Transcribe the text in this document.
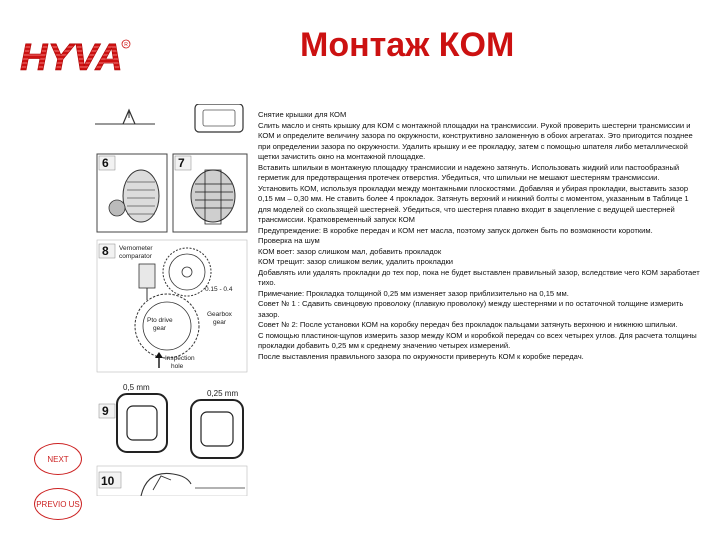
HYVA R	Монтаж КОМ
6	7
8 Vernometer
comparator
Pto drive
gear
0.15 - 0.4
Gearbox
gear
Inspection
hole
0,5 mm
0,25 mm
9
10

Снятие крышки для КОМ

Слить масло и снять крышку для КОМ с монтажной площадки на трансмиссии. Рукой проверить шестерни трансмиссии и КОМ и определите величину зазора по окружности, конструктивно заложенную в обоих агрегатах. Это пригодится позднее при определении зазора по окружности. Удалить крышку и ее прокладку, затем с помощью шпателя либо металлической щетки зачистить окно на монтажной площадке.

Вставить шпильки в монтажную площадку трансмиссии и надежно затянуть. Использовать жидкий или пастообразный герметик для предотвращения протечек отверстия. Убедиться, что шпильки не мешают шестерням трансмиссии.

Установить КОМ, используя прокладки между монтажными плоскостями. Добавляя и убирая прокладки, выставить зазор 0,15 мм – 0,30 мм. Не ставить более 4 прокладок. Затянуть верхний и нижний болты с моментом, указанным в Таблице 1 для моделей со скользящей шестерней. Убедиться, что шестерня плавно входит в зацепление с ведущей шестерней трансмиссии. Кратковременный запуск КОМ

Предупреждение: В коробке передач и КОМ нет масла, поэтому запуск должен быть по возможности коротким.

Проверка на шум

КОМ воет: зазор слишком мал, добавить прокладок

КОМ трещит: зазор слишком велик, удалить прокладки

Добавлять или удалять прокладки до тех пор, пока не будет выставлен правильный зазор, вследствие чего КОМ заработает тихо.

Примечание: Прокладка толщиной 0,25 мм изменяет зазор приблизительно на 0,15 мм.

Совет № 1 : Сдавить свинцовую проволоку (плавкую проволоку) между шестернями и по остаточной толщине измерить зазор.

Совет № 2: После установки КОМ на коробку передач без прокладок пальцами затянуть верхнюю и нижнюю шпильки.

С помощью пластинок-щупов измерить зазор между КОМ и коробкой передач со всех четырех углов. Для расчета толщины прокладки добавить 0,25 мм к среднему значению четырех измерений.

После выставления правильного зазора по окружности привернуть КОМ к коробке передач.

NEXT
PREVIO US
